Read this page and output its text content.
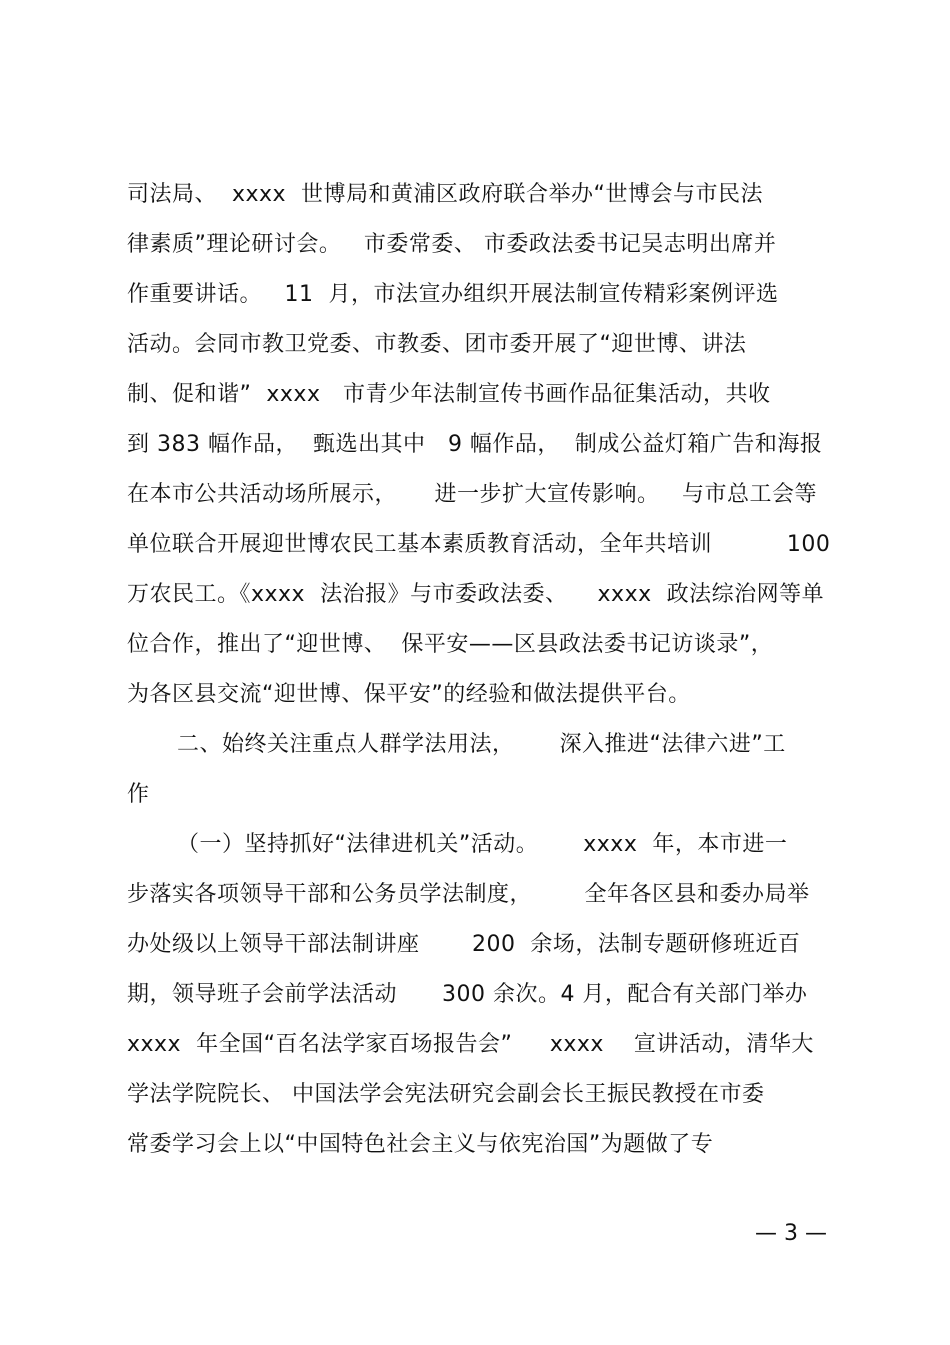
司法局、  xxxx  世博局和黄浦区政府联合举办“世博会与市民法
律素质”理论研讨会。   市委常委、 市委政法委书记吴志明出席并
作重要讲话。   11  月，市法宣办组织开展法制宣传精彩案例评选
活动。会同市教卫党委、市教委、团市委开展了“迎世博、讲法
制、促和谐”  xxxx   市青少年法制宣传书画作品征集活动，共收
到 383 幅作品，  甄选出其中   9 幅作品，  制成公益灯箱广告和海报
在本市公共活动场所展示，     进一步扩大宣传影响。   与市总工会等
单位联合开展迎世博农民工基本素质教育活动，全年共培训          100
万农民工。《xxxx  法治报》与市委政法委、    xxxx  政法综治网等单
位合作，推出了“迎世博、  保平安——区县政法委书记访谈录”，
为各区县交流“迎世博、保平安”的经验和做法提供平台。
二、始终关注重点人群学法用法，      深入推进“法律六进”工
作
（一）坚持抓好“法律进机关”活动。      xxxx  年，本市进一
步落实各项领导干部和公务员学法制度，       全年各区县和委办局举
办处级以上领导干部法制讲座       200  余场，法制专题研修班近百
期，领导班子会前学法活动      300 余次。4 月，配合有关部门举办
xxxx  年全国“百名法学家百场报告会”     xxxx    宣讲活动，清华大
学法学院院长、 中国法学会宪法研究会副会长王振民教授在市委
常委学习会上以“中国特色社会主义与依宪治国”为题做了专
— 3 —
